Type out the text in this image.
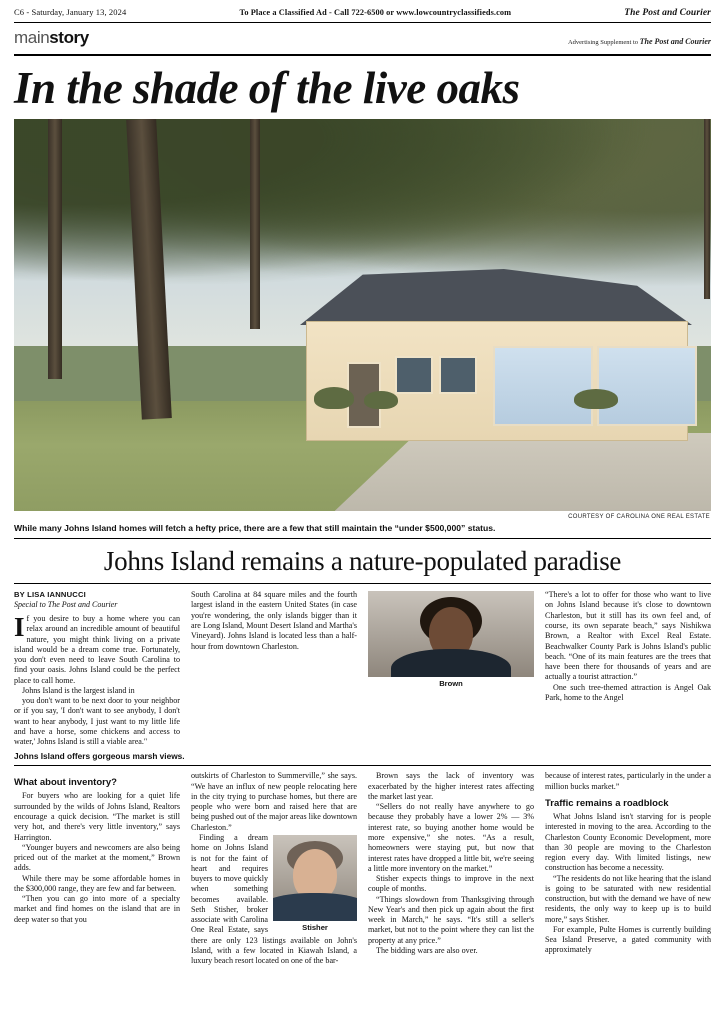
C6 - Saturday, January 13, 2024	To Place a Classified Ad - Call 722-6500 or www.lowcountryclassifieds.com	The Post and Courier
mainstory	Advertising Supplement to The Post and Courier
In the shade of the live oaks
COURTESY OF CAROLINA ONE REAL ESTATE
While many Johns Island homes will fetch a hefty price, there are a few that still maintain the “under $500,000” status.
Johns Island remains a nature-populated paradise
BY LISA IANNUCCI
Special to The Post and Courier

If you desire to buy a home where you can relax around an incredible amount of beautiful nature, you might think living on a private island would be a dream come true. Fortunately, you don't even need to leave South Carolina to find your oasis. Johns Island could be the perfect place to call home.

Johns Island is the largest island in

you don't want to be next door to your neighbor or if you say, 'I don't want to see anybody, I don't want to hear anybody, I just want to my little life and have a horse, some chickens and access to water,' Johns Island is still a viable area."

South Carolina at 84 square miles and the fourth largest island in the eastern United States (in case you're wondering, the only islands bigger than it are Long Island, Mount Desert Island and Martha's Vineyard). Johns Island is located less than a half-hour from downtown Charleston.

Brown

“There's a lot to offer for those who want to live on Johns Island because it's close to downtown Charleston, but it still has its own feel and, of course, its own separate beach,” says Nishikwa Brown, a Realtor with Excel Real Estate. Beachwalker County Park is Johns Island's public beach. “One of its main features are the trees that have been there for thousands of years and are actually a tourist attraction.”

One such tree-themed attraction is Angel Oak Park, home to the Angel

Johns Island offers gorgeous marsh views.
What about inventory?

For buyers who are looking for a quiet life surrounded by the wilds of Johns Island, Realtors encourage a quick decision. “The market is still very hot, and there's very little inventory,” says Harrington.

“Younger buyers and newcomers are also being priced out of the market at the moment,” Brown adds.

While there may be some affordable homes in the $300,000 range, they are few and far between.

“Then you can go into more of a specialty market and find homes on the island that are in deep water so that you

outskirts of Charleston to Summerville,” she says. “We have an influx of new people relocating here in the city trying to purchase homes, but there are people who were born and raised here that are being pushed out of the major areas like downtown Charleston.”

Stisher

Finding a dream home on Johns Island is not for the faint of heart and requires buyers to move quickly when something becomes available. Seth Stisher, broker associate with Carolina One Real Estate, says there are only 123 listings available on John's Island, with a few located in Kiawah Island, a luxury beach resort located on one of the bar-

Brown says the lack of inventory was exacerbated by the higher interest rates affecting the market last year.

“Sellers do not really have anywhere to go because they probably have a lower 2% — 3% interest rate, so buying another home would be more expensive,” she notes. “As a result, homeowners were staying put, but now that interest rates have dropped a little bit, we're seeing a little more inventory on the market.”

Stisher expects things to improve in the next couple of months.

“Things slowdown from Thanksgiving through New Year's and then pick up again about the first week in March,” he says. “It's still a seller's market, but not to the point where they can list the property at any price.”

The bidding wars are also over.

because of interest rates, particularly in the under a million bucks market.”

Traffic remains a roadblock

What Johns Island isn't starving for is people interested in moving to the area. According to the Charleston County Economic Development, more than 30 people are moving to the Charleston region every day. With limited listings, new construction has become a necessity.

“The residents do not like hearing that the island is going to be saturated with new residential construction, but with the demand we have of new residents, the only way to keep up is to build more,” says Stisher.

For example, Pulte Homes is currently building Sea Island Preserve, a gated community with approximately
